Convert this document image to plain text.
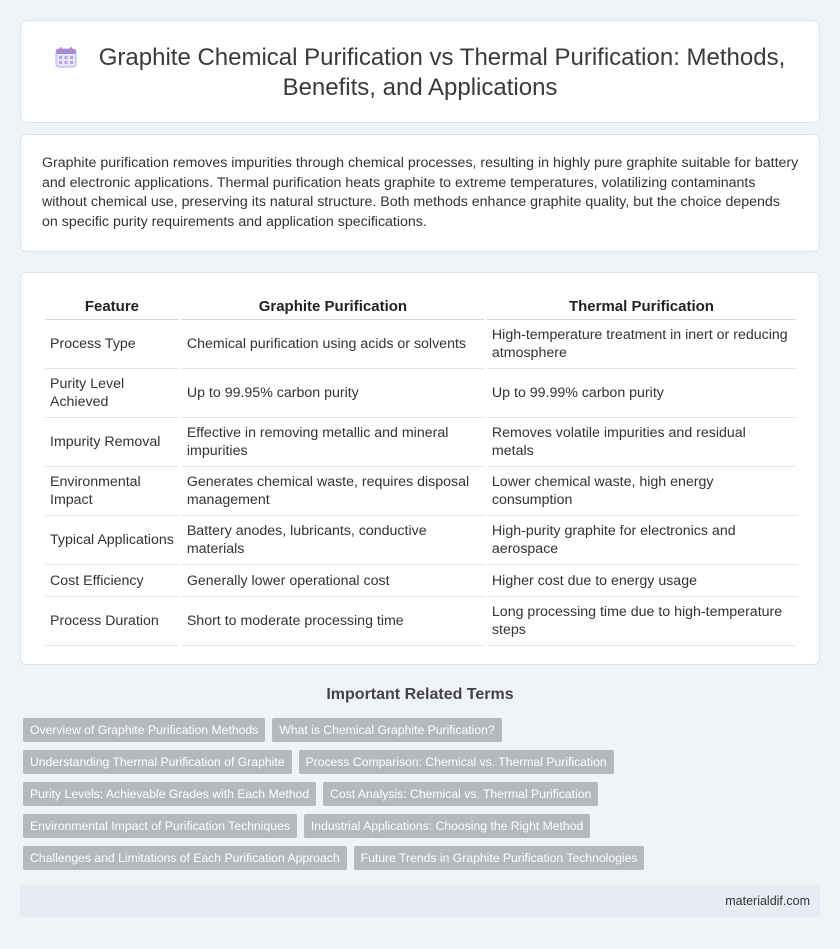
Graphite Chemical Purification vs Thermal Purification: Methods, Benefits, and Applications

Graphite purification removes impurities through chemical processes, resulting in highly pure graphite suitable for battery and electronic applications. Thermal purification heats graphite to extreme temperatures, volatilizing contaminants without chemical use, preserving its natural structure. Both methods enhance graphite quality, but the choice depends on specific purity requirements and application specifications.

Feature	Graphite Purification	Thermal Purification
Process Type	Chemical purification using acids or solvents	High-temperature treatment in inert or reducing atmosphere
Purity Level Achieved	Up to 99.95% carbon purity	Up to 99.99% carbon purity
Impurity Removal	Effective in removing metallic and mineral impurities	Removes volatile impurities and residual metals
Environmental Impact	Generates chemical waste, requires disposal management	Lower chemical waste, high energy consumption
Typical Applications	Battery anodes, lubricants, conductive materials	High-purity graphite for electronics and aerospace
Cost Efficiency	Generally lower operational cost	Higher cost due to energy usage
Process Duration	Short to moderate processing time	Long processing time due to high-temperature steps
Important Related Terms
Overview of Graphite Purification Methods	What is Chemical Graphite Purification?
Understanding Thermal Purification of Graphite	Process Comparison: Chemical vs. Thermal Purification
Purity Levels: Achievable Grades with Each Method	Cost Analysis: Chemical vs. Thermal Purification
Environmental Impact of Purification Techniques	Industrial Applications: Choosing the Right Method
Challenges and Limitations of Each Purification Approach	Future Trends in Graphite Purification Technologies
materialdif.com
